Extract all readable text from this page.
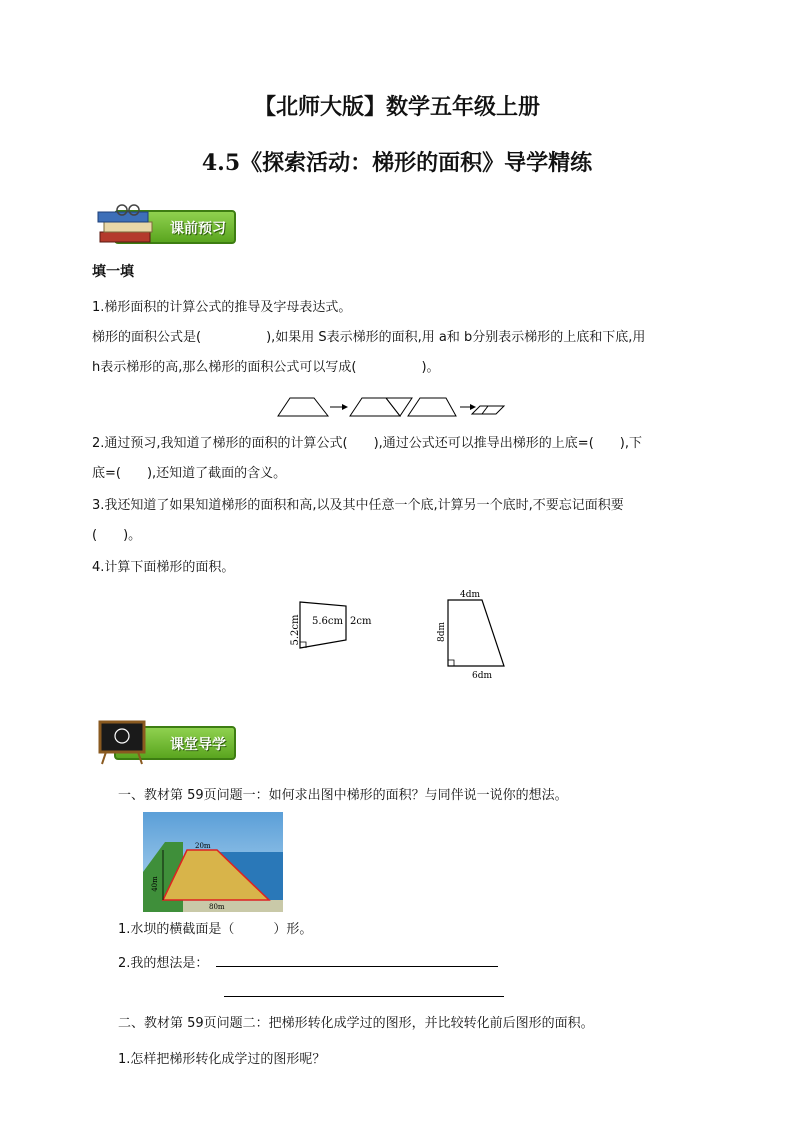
【北师大版】数学五年级上册
4.5《探索活动：梯形的面积》导学精练
课前预习
填一填
1.梯形面积的计算公式的推导及字母表达式。
梯形的面积公式是(　　　　　),如果用 S表示梯形的面积,用 a和 b分别表示梯形的上底和下底,用
h表示梯形的高,那么梯形的面积公式可以写成(　　　　　)。
2.通过预习,我知道了梯形的面积的计算公式(　　),通过公式还可以推导出梯形的上底=(　　),下
底=(　　),还知道了截面的含义。
3.我还知道了如果知道梯形的面积和高,以及其中任意一个底,计算另一个底时,不要忘记面积要
(　　)。
4.计算下面梯形的面积。
5.2cm 5.6cm 2cm
4dm
8dm
6dm
课堂导学
一、教材第 59页问题一：如何求出图中梯形的面积？与同伴说一说你的想法。
20m
40m
80m
1.水坝的横截面是（　　　）形。
2.我的想法是：
二、教材第 59页问题二：把梯形转化成学过的图形，并比较转化前后图形的面积。
1.怎样把梯形转化成学过的图形呢？
